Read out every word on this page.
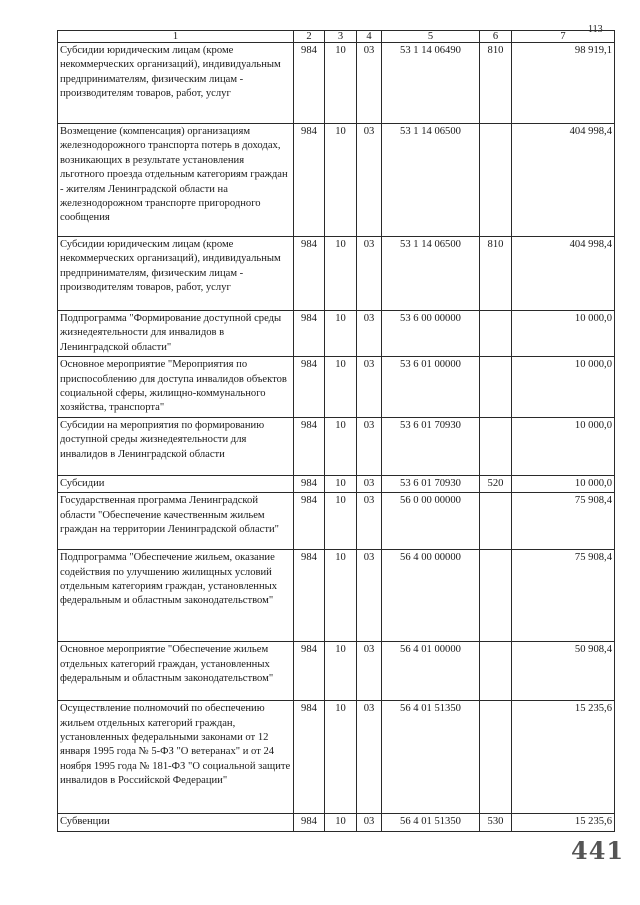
113
1	2	3	4	5	6	7
Субсидии юридическим лицам (кроме некоммерческих организаций), индивидуальным предпринимателям, физическим лицам - производителям товаров, работ, услуг	984	10	03	53 1 14 06490	810	98 919,1
Возмещение (компенсация) организациям железнодорожного транспорта потерь в доходах, возникающих в результате установления льготного проезда отдельным категориям граждан - жителям Ленинградской области на железнодорожном транспорте пригородного сообщения	984	10	03	53 1 14 06500		404 998,4
Субсидии юридическим лицам (кроме некоммерческих организаций), индивидуальным предпринимателям, физическим лицам - производителям товаров, работ, услуг	984	10	03	53 1 14 06500	810	404 998,4
Подпрограмма "Формирование доступной среды жизнедеятельности для инвалидов в Ленинградской области"	984	10	03	53 6 00 00000		10 000,0
Основное мероприятие "Мероприятия по приспособлению для доступа инвалидов объектов социальной сферы, жилищно-коммунального хозяйства, транспорта"	984	10	03	53 6 01 00000		10 000,0
Субсидии на мероприятия по формированию доступной среды жизнедеятельности для инвалидов в Ленинградской области	984	10	03	53 6 01 70930		10 000,0
Субсидии	984	10	03	53 6 01 70930	520	10 000,0
Государственная программа Ленинградской области "Обеспечение качественным жильем граждан на территории Ленинградской области"	984	10	03	56 0 00 00000		75 908,4
Подпрограмма "Обеспечение жильем, оказание содействия по улучшению жилищных условий отдельным категориям граждан, установленных федеральным и областным законодательством"	984	10	03	56 4 00 00000		75 908,4
Основное мероприятие "Обеспечение жильем отдельных категорий граждан, установленных федеральным и областным законодательством"	984	10	03	56 4 01 00000		50 908,4
Осуществление полномочий по обеспечению жильем отдельных категорий граждан, установленных федеральными законами от 12 января 1995 года № 5-ФЗ "О ветеранах" и от 24 ноября 1995 года № 181-ФЗ "О социальной защите инвалидов в Российской Федерации"	984	10	03	56 4 01 51350		15 235,6
Субвенции	984	10	03	56 4 01 51350	530	15 235,6
441
